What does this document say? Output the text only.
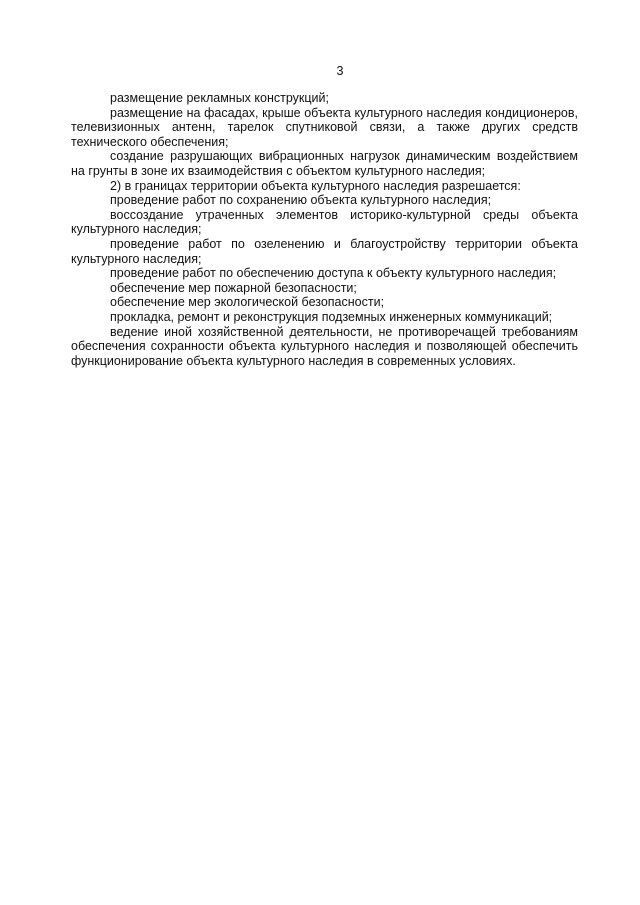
3

размещение рекламных конструкций;

размещение на фасадах, крыше объекта культурного наследия кондиционеров, телевизионных антенн, тарелок спутниковой связи, а также других средств технического обеспечения;

создание разрушающих вибрационных нагрузок динамическим воздействием на грунты в зоне их взаимодействия с объектом культурного наследия;

2) в границах территории объекта культурного наследия разрешается:

проведение работ по сохранению объекта культурного наследия;

воссоздание утраченных элементов историко-культурной среды объекта культурного наследия;

проведение работ по озеленению и благоустройству территории объекта культурного наследия;

проведение работ по обеспечению доступа к объекту культурного наследия;

обеспечение мер пожарной безопасности;

обеспечение мер экологической безопасности;

прокладка, ремонт и реконструкция подземных инженерных коммуникаций;

ведение иной хозяйственной деятельности, не противоречащей требованиям обеспечения сохранности объекта культурного наследия и позволяющей обеспечить функционирование объекта культурного наследия в современных условиях.
